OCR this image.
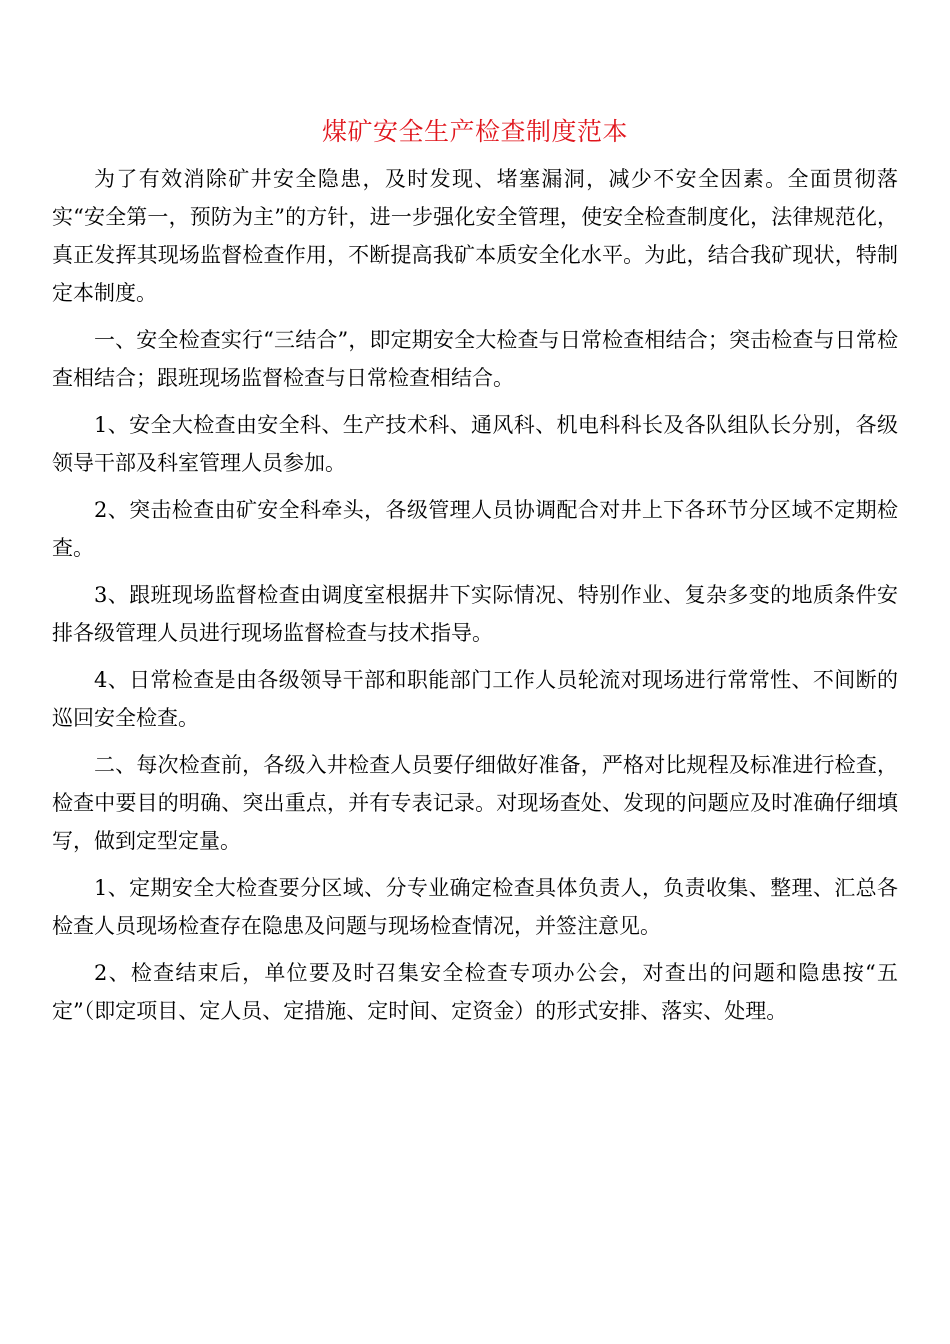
煤矿安全生产检查制度范本

为了有效消除矿井安全隐患，及时发现、堵塞漏洞，减少不安全因素。全面贯彻落实“安全第一，预防为主”的方针，进一步强化安全管理，使安全检查制度化，法律规范化，真正发挥其现场监督检查作用，不断提高我矿本质安全化水平。为此，结合我矿现状，特制定本制度。

一、安全检查实行“三结合”，即定期安全大检查与日常检查相结合；突击检查与日常检查相结合；跟班现场监督检查与日常检查相结合。

1、安全大检查由安全科、生产技术科、通风科、机电科科长及各队组队长分别，各级领导干部及科室管理人员参加。

2、突击检查由矿安全科牵头，各级管理人员协调配合对井上下各环节分区域不定期检查。

3、跟班现场监督检查由调度室根据井下实际情况、特别作业、复杂多变的地质条件安排各级管理人员进行现场监督检查与技术指导。

4、日常检查是由各级领导干部和职能部门工作人员轮流对现场进行常常性、不间断的巡回安全检查。

二、每次检查前，各级入井检查人员要仔细做好准备，严格对比规程及标准进行检查，检查中要目的明确、突出重点，并有专表记录。对现场查处、发现的问题应及时准确仔细填写，做到定型定量。

1、定期安全大检查要分区域、分专业确定检查具体负责人，负责收集、整理、汇总各检查人员现场检查存在隐患及问题与现场检查情况，并签注意见。

2、检查结束后，单位要及时召集安全检查专项办公会，对查出的问题和隐患按“五定”（即定项目、定人员、定措施、定时间、定资金）的形式安排、落实、处理。
